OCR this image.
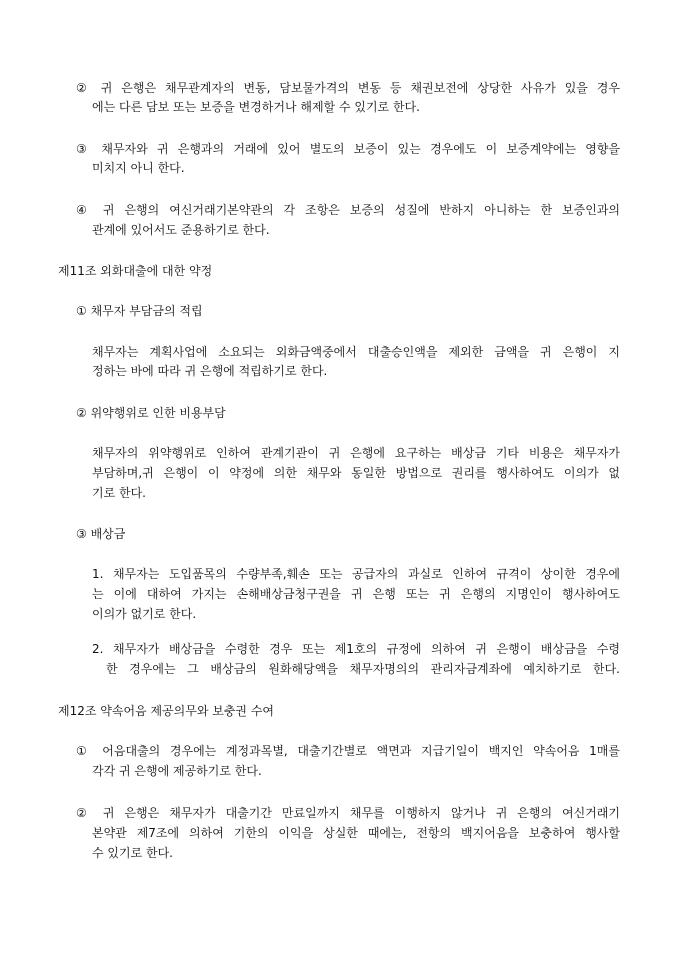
② 귀 은행은 채무관계자의 변동, 담보물가격의 변동 등 채권보전에 상당한 사유가 있을 경우
에는 다른 담보 또는 보증을 변경하거나 해제할 수 있기로 한다.
③ 채무자와 귀 은행과의 거래에 있어 별도의 보증이 있는 경우에도 이 보증계약에는 영향을
미치지 아니 한다.
④ 귀 은행의 여신거래기본약관의 각 조항은 보증의 성질에 반하지 아니하는 한 보증인과의
관계에 있어서도 준용하기로 한다.
제11조 외화대출에 대한 약정
① 채무자 부담금의 적립
채무자는 계획사업에 소요되는 외화금액중에서 대출승인액을 제외한 금액을 귀 은행이 지
정하는 바에 따라 귀 은행에 적립하기로 한다.
② 위약행위로 인한 비용부담
채무자의 위약행위로 인하여 관계기관이 귀 은행에 요구하는 배상금 기타 비용은 채무자가
부담하며,귀 은행이 이 약정에 의한 채무와 동일한 방법으로 권리를 행사하여도 이의가 없
기로 한다.
③ 배상금
1. 채무자는 도입품목의 수량부족,훼손 또는 공급자의 과실로 인하여 규격이 상이한 경우에
는 이에 대하여 가지는 손해배상금청구권을 귀 은행 또는 귀 은행의 지명인이 행사하여도
이의가 없기로 한다.
2. 채무자가 배상금을 수령한 경우 또는 제1호의 규정에 의하여 귀 은행이 배상금을 수령
한 경우에는 그 배상금의 원화해당액을 채무자명의의 관리자금계좌에 예치하기로 한다.
제12조 약속어음 제공의무와 보충권 수여
① 어음대출의 경우에는 계정과목별, 대출기간별로 액면과 지급기일이 백지인 약속어음 1매를
각각 귀 은행에 제공하기로 한다.
② 귀 은행은 채무자가 대출기간 만료일까지 채무를 이행하지 않거나 귀 은행의 여신거래기
본약관 제7조에 의하여 기한의 이익을 상실한 때에는, 전항의 백지어음을 보충하여 행사할
수 있기로 한다.
